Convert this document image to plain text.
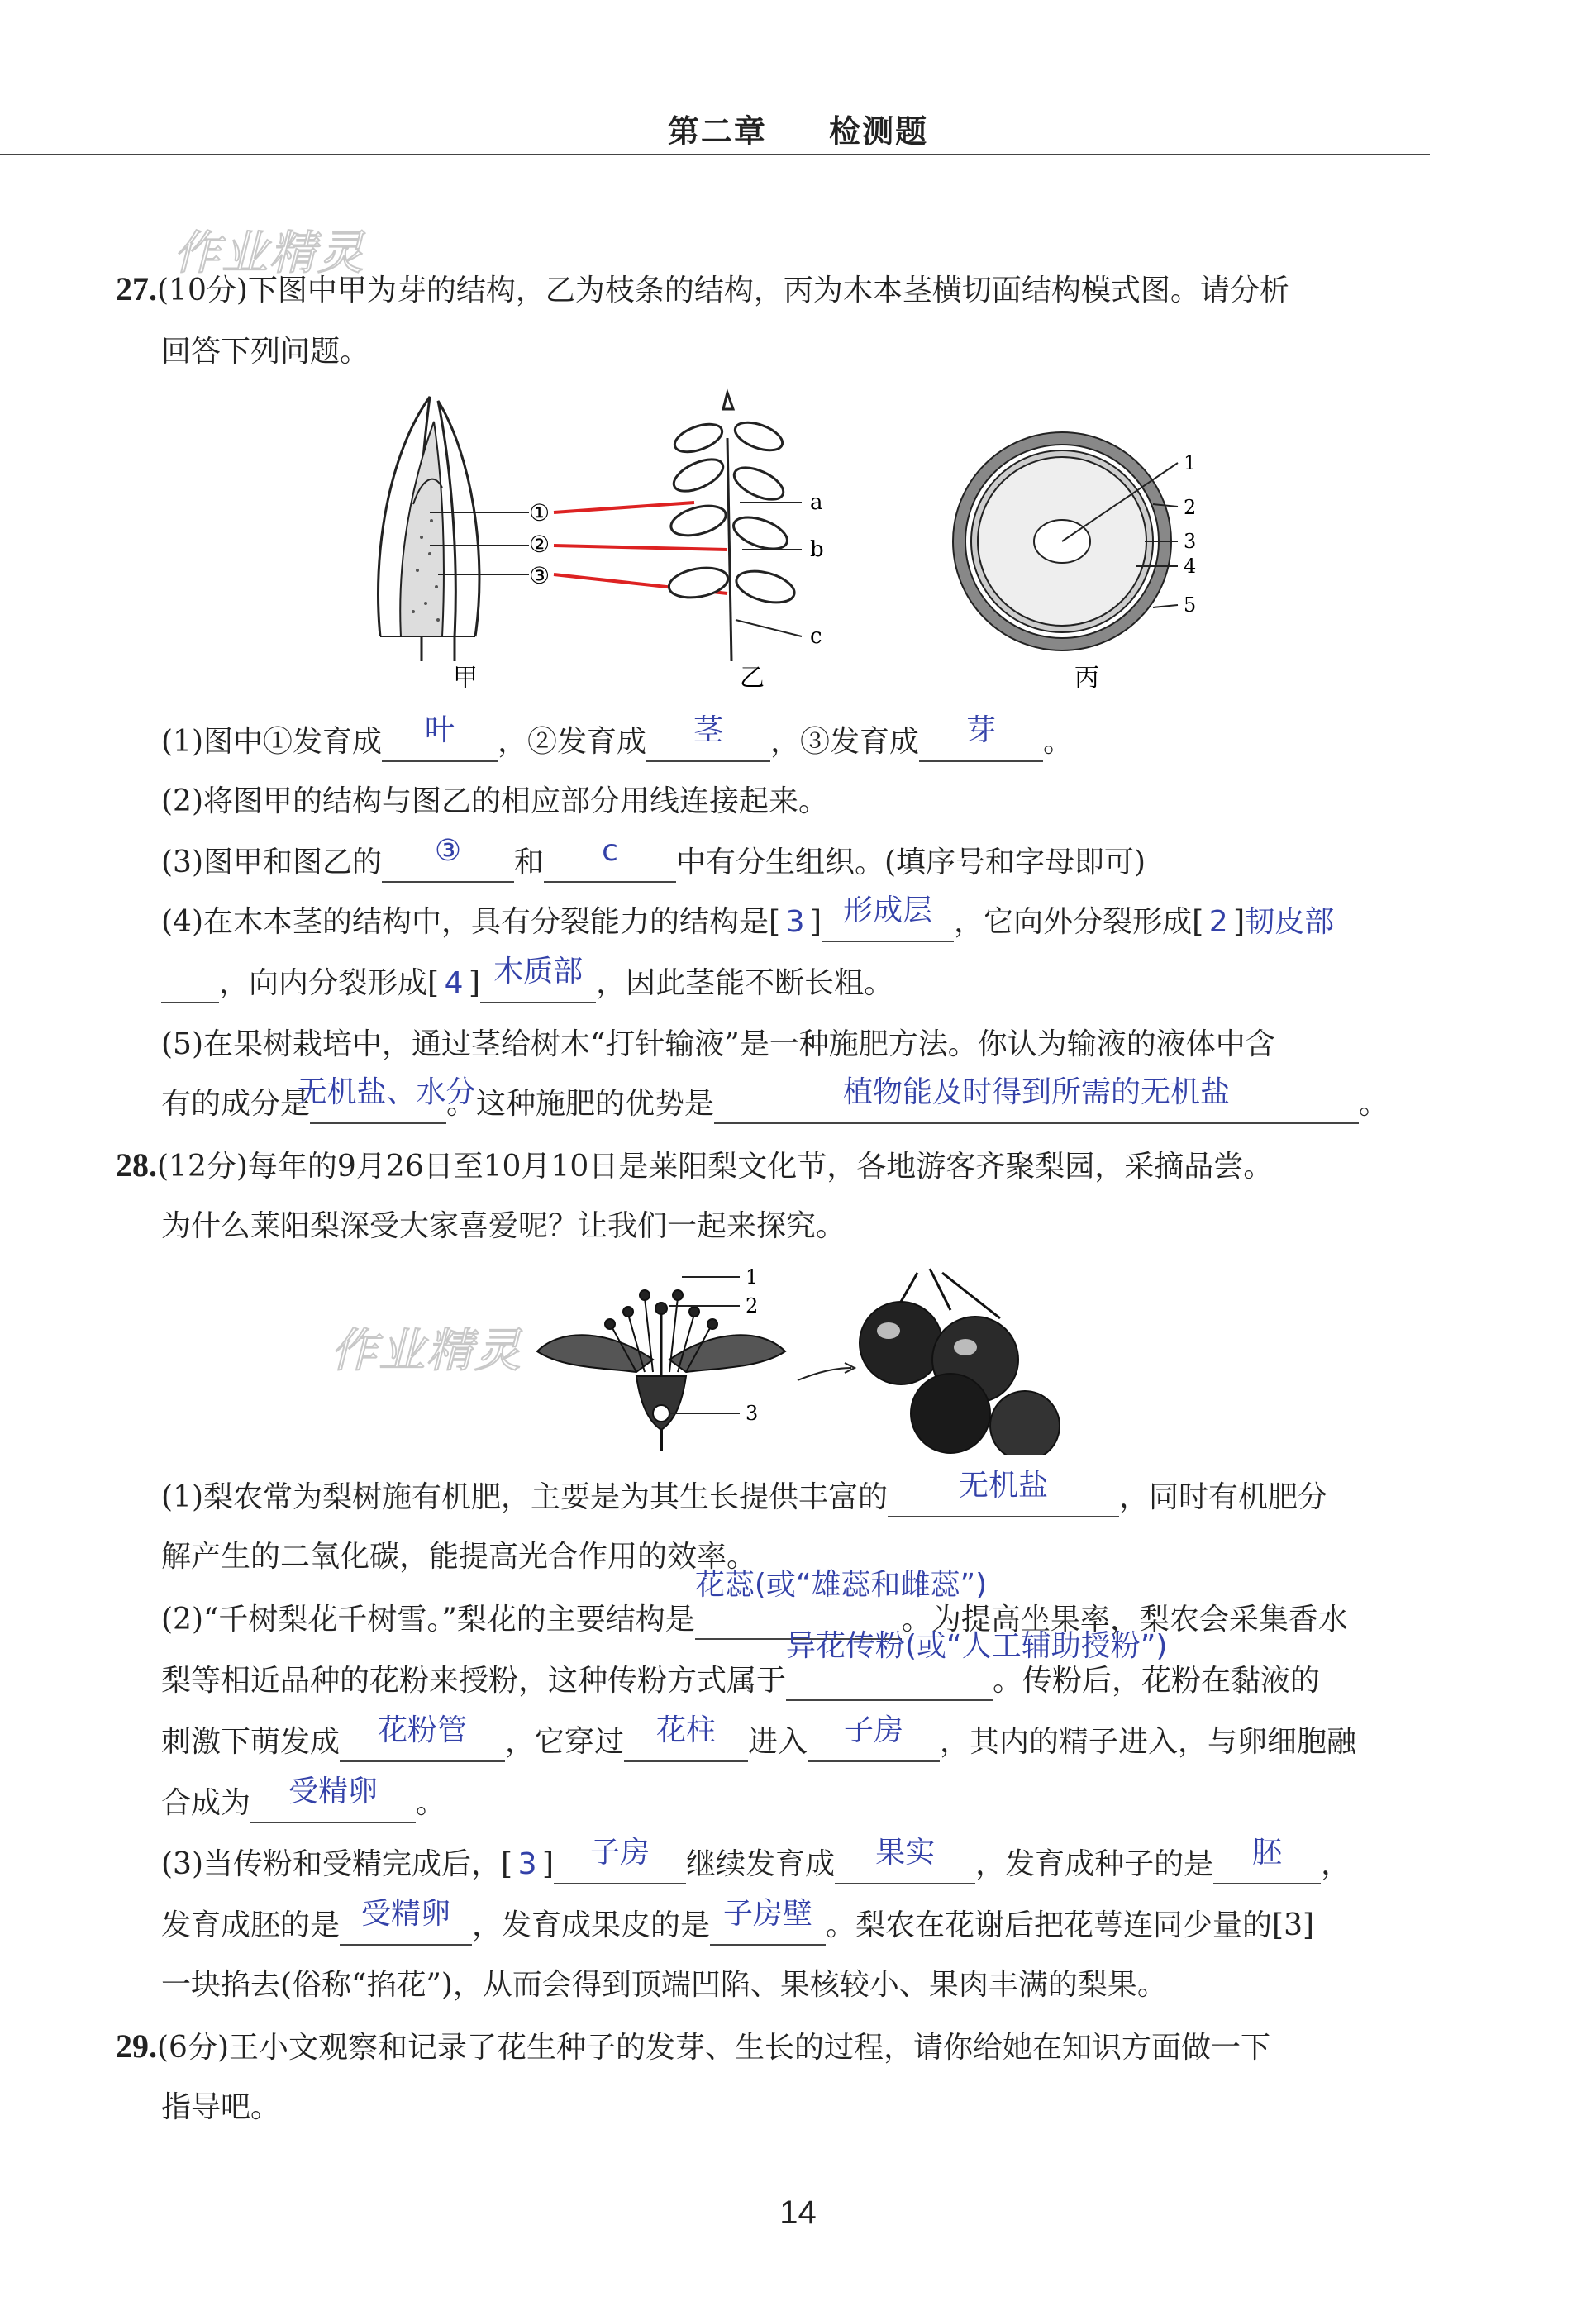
第二章 检测题
作业精灵
作业精灵
27.(10分)下图中甲为芽的结构，乙为枝条的结构，丙为木本茎横切面结构模式图。请分析
回答下列问题。
①
②
③
a
b
c
1
2
3
4
5
甲	乙	丙
(1)图中①发育成	叶	，②发育成	茎	，③发育成	芽	。
(2)将图甲的结构与图乙的相应部分用线连接起来。
(3)图甲和图乙的	③	和	c	中有分生组织。(填序号和字母即可)
(4)在木本茎的结构中，具有分裂能力的结构是[ 3 ] 形成层 ，它向外分裂形成[ 2 ]韧皮部
，向内分裂形成[ 4 ] 木质部 ，因此茎能不断长粗。
(5)在果树栽培中，通过茎给树木“打针输液”是一种施肥方法。你认为输液的液体中含
有的成分是
无机盐、水分
。这种施肥的优势是	植物能及时得到所需的无机盐	。
28.(12分)每年的9月26日至10月10日是莱阳梨文化节，各地游客齐聚梨园，采摘品尝。
为什么莱阳梨深受大家喜爱呢？让我们一起来探究。
1
2
3
(1)梨农常为梨树施有机肥，主要是为其生长提供丰富的	无机盐	，同时有机肥分
解产生的二氧化碳，能提高光合作用的效率。
(2)“千树梨花千树雪。”梨花的主要结构是
花蕊(或“雄蕊和雌蕊”)
。为提高坐果率，梨农会采集香水
梨等相近品种的花粉来授粉，这种传粉方式属于
异花传粉(或“人工辅助授粉”)
。传粉后，花粉在黏液的
刺激下萌发成	花粉管	，它穿过	花柱	进入	子房	，其内的精子进入，与卵细胞融
合成为	受精卵	。
(3)当传粉和受精完成后，[ 3 ]	子房	继续发育成	果实	，发育成种子的是	胚	，
发育成胚的是 受精卵 ，发育成果皮的是 子房壁 。梨农在花谢后把花萼连同少量的[3]
一块掐去(俗称“掐花”)，从而会得到顶端凹陷、果核较小、果肉丰满的梨果。
29.(6分)王小文观察和记录了花生种子的发芽、生长的过程，请你给她在知识方面做一下
指导吧。
14
